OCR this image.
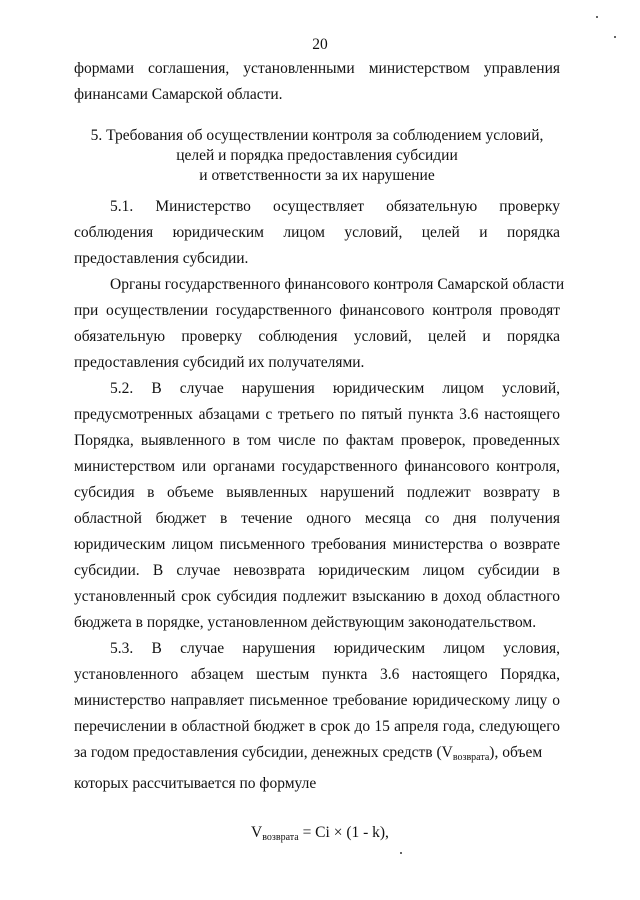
20
формами соглашения, установленными министерством управления
финансами Самарской области.
5. Требования об осуществлении контроля за соблюдением условий,
целей и порядка предоставления субсидии
и ответственности за их нарушение
5.1. Министерство осуществляет обязательную проверку
соблюдения юридическим лицом условий, целей и порядка
предоставления субсидии.
Органы государственного финансового контроля Самарской области
при осуществлении государственного финансового контроля проводят
обязательную проверку соблюдения условий, целей и порядка
предоставления субсидий их получателями.
5.2. В случае нарушения юридическим лицом условий,
предусмотренных абзацами с третьего по пятый пункта 3.6 настоящего
Порядка, выявленного в том числе по фактам проверок, проведенных
министерством или органами государственного финансового контроля,
субсидия в объеме выявленных нарушений подлежит возврату в
областной бюджет в течение одного месяца со дня получения
юридическим лицом письменного требования министерства о возврате
субсидии. В случае невозврата юридическим лицом субсидии в
установленный срок субсидия подлежит взысканию в доход областного
бюджета в порядке, установленном действующим законодательством.
5.3. В случае нарушения юридическим лицом условия,
установленного абзацем шестым пункта 3.6 настоящего Порядка,
министерство направляет письменное требование юридическому лицу о
перечислении в областной бюджет в срок до 15 апреля года, следующего
за годом предоставления субсидии, денежных средств $(V_{возврата})$, объем
которых рассчитывается по формуле
$V_{возврата} = Ci \times (1 - k)$,
